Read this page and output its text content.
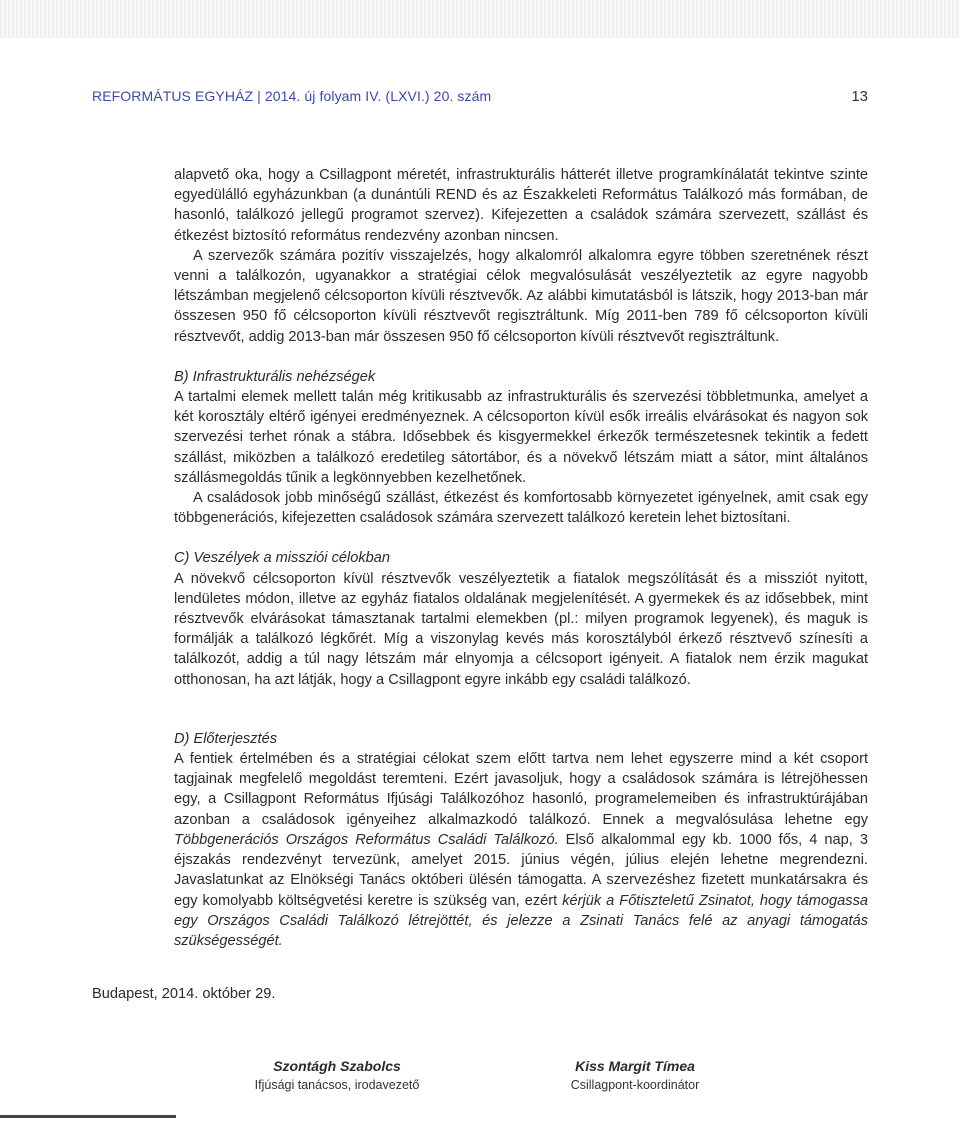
REFORMÁTUS EGYHÁZ | 2014. új folyam IV. (LXVI.) 20. szám	13

alapvető oka, hogy a Csillagpont méretét, infrastrukturális hátterét illetve programkínálatát tekintve szinte egyedülálló egyházunkban (a dunántúli REND és az Északkeleti Református Találkozó más formában, de hasonló, találkozó jellegű programot szervez). Kifejezetten a családok számára szervezett, szállást és étkezést biztosító református rendezvény azonban nincsen.

A szervezők számára pozitív visszajelzés, hogy alkalomról alkalomra egyre többen szeretnének részt venni a találkozón, ugyanakkor a stratégiai célok megvalósulását veszélyeztetik az egyre nagyobb létszámban megjelenő célcsoporton kívüli résztvevők. Az alábbi kimutatásból is látszik, hogy 2013-ban már összesen 950 fő célcsoporton kívüli résztvevőt regisztráltunk. Míg 2011-ben 789 fő célcsoporton kívüli résztvevőt, addig 2013-ban már összesen 950 fő célcsoporton kívüli résztvevőt regisztráltunk.

B) Infrastrukturális nehézségek

A tartalmi elemek mellett talán még kritikusabb az infrastrukturális és szervezési többletmunka, amelyet a két korosztály eltérő igényei eredményeznek. A célcsoporton kívül esők irreális elvárásokat és nagyon sok szervezési terhet rónak a stábra. Idősebbek és kisgyermekkel érkezők természetesnek tekintik a fedett szállást, miközben a találkozó eredetileg sátortábor, és a növekvő létszám miatt a sátor, mint általános szállásmegoldás tűnik a legkönnyebben kezelhetőnek.

A családosok jobb minőségű szállást, étkezést és komfortosabb környezetet igényelnek, amit csak egy többgenerációs, kifejezetten családosok számára szervezett találkozó keretein lehet biztosítani.

C) Veszélyek a missziói célokban

A növekvő célcsoporton kívül résztvevők veszélyeztetik a fiatalok megszólítását és a missziót nyitott, lendületes módon, illetve az egyház fiatalos oldalának megjelenítését. A gyermekek és az idősebbek, mint résztvevők elvárásokat támasztanak tartalmi elemekben (pl.: milyen programok legyenek), és maguk is formálják a találkozó légkőrét. Míg a viszonylag kevés más korosztályból érkező résztvevő színesíti a találkozót, addig a túl nagy létszám már elnyomja a célcsoport igényeit. A fiatalok nem érzik magukat otthonosan, ha azt látják, hogy a Csillagpont egyre inkább egy családi találkozó.

D) Előterjesztés

A fentiek értelmében és a stratégiai célokat szem előtt tartva nem lehet egyszerre mind a két csoport tagjainak megfelelő megoldást teremteni. Ezért javasoljuk, hogy a családosok számára is létrejöhessen egy, a Csillagpont Református Ifjúsági Találkozóhoz hasonló, programelemeiben és infrastruktúrájában azonban a családosok igényeihez alkalmazkodó találkozó. Ennek a megvalósulása lehetne egy Többgenerációs Országos Református Családi Találkozó. Első alkalommal egy kb. 1000 fős, 4 nap, 3 éjszakás rendezvényt tervezünk, amelyet 2015. június végén, július elején lehetne megrendezni. Javaslatunkat az Elnökségi Tanács októberi ülésén támogatta. A szervezéshez fizetett munkatársakra és egy komolyabb költségvetési keretre is szükség van, ezért kérjük a Főtiszteletű Zsinatot, hogy támogassa egy Országos Családi Találkozó létrejöttét, és jelezze a Zsinati Tanács felé az anyagi támogatás szükségességét.

Budapest, 2014. október 29.
Szontágh Szabolcs
Ifjúsági tanácsos, irodavezető
Kiss Margit Tímea
Csillagpont-koordinátor
